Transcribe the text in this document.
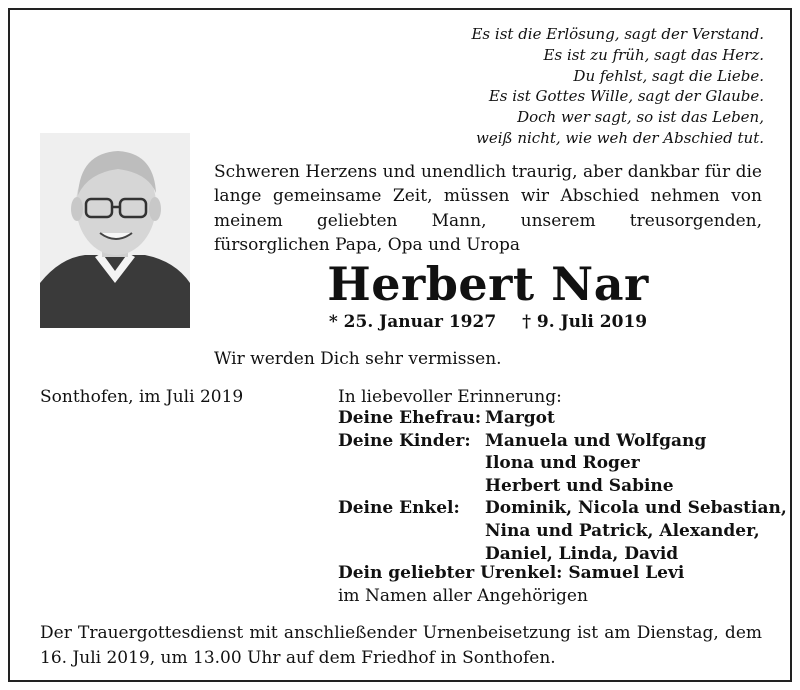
Es ist die Erlösung, sagt der Verstand.
Es ist zu früh, sagt das Herz.
Du fehlst, sagt die Liebe.
Es ist Gottes Wille, sagt der Glaube.
Doch wer sagt, so ist das Leben,
weiß nicht, wie weh der Abschied tut.

Schweren Herzens und unendlich traurig, aber dankbar für die lange gemeinsame Zeit, müssen wir Abschied nehmen von meinem geliebten Mann, unserem treusorgenden, fürsorglichen Papa, Opa und Uropa

Herbert Nar
* 25. Januar 1927 † 9. Juli 2019
Wir werden Dich sehr vermissen.
Sonthofen, im Juli 2019	In liebevoller Erinnerung:
Deine Ehefrau: Margot
Deine Kinder: Manuela und Wolfgang
Ilona und Roger
Herbert und Sabine
Deine Enkel:	Dominik, Nicola und Sebastian,
Nina und Patrick, Alexander,
Daniel, Linda, David
Dein geliebter Urenkel: Samuel Levi
im Namen aller Angehörigen

Der Trauergottesdienst mit anschließender Urnenbeisetzung ist am Dienstag, dem 16. Juli 2019, um 13.00 Uhr auf dem Friedhof in Sonthofen.
